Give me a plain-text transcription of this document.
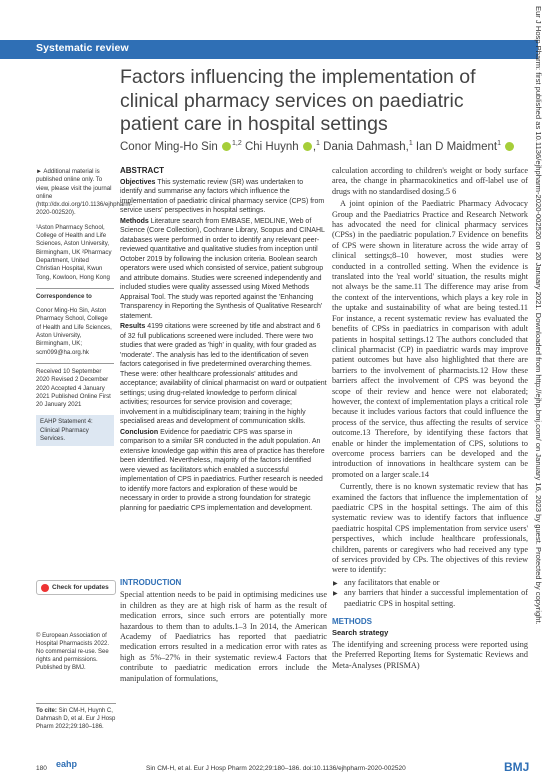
Systematic review	Eur J Hosp Pharm: first published as 10.1136/ejhpharm-2020-002520 on 20 January 2021. Downloaded from http://ejhp.bmj.com/ on January 16, 2023 by guest. Protected by copyright.
Factors influencing the implementation of clinical pharmacy services on paediatric patient care in hospital settings
Conor Ming-Ho Sin $^{1,2}$ Chi Huynh ,$^1$ Dania Dahmash,$^1$ Ian D Maidment$^1$

► Additional material is published online only. To view, please visit the journal online (http://dx.doi.org/10.1136/ejhpharm-2020-002520).

¹Aston Pharmacy School, College of Health and Life Sciences, Aston University, Birmingham, UK ²Pharmacy Department, United Christian Hospital, Kwun Tong, Kowloon, Hong Kong

Correspondence to

Conor Ming-Ho Sin, Aston Pharmacy School, College of Health and Life Sciences, Aston University, Birmingham, UK; scm099@ha.org.hk

Received 10 September 2020 Revised 2 December 2020 Accepted 4 January 2021 Published Online First 20 January 2021

EAHP Statement 4: Clinical Pharmacy Services.
ABSTRACT

Objectives This systematic review (SR) was undertaken to identify and summarise any factors which influence the implementation of paediatric clinical pharmacy service (CPS) from service users' perspectives in hospital settings.

Methods Literature search from EMBASE, MEDLINE, Web of Science (Core Collection), Cochrane Library, Scopus and CINAHL databases were performed in order to identify any relevant peer-reviewed quantitative and qualitative studies from inception until October 2019 by following the inclusion criteria. Boolean search operators were used which consisted of service, patient subgroup and attribute domains. Studies were screened independently and included studies were quality assessed using Mixed Methods Appraisal Tool. The study was reported against the 'Enhancing Transparency in Reporting the Synthesis of Qualitative Research' statement.

Results 4199 citations were screened by title and abstract and 6 of 32 full publications screened were included. There were two studies that were graded as 'high' in quality, with four graded as 'moderate'. The analysis has led to the identification of seven factors categorised in five predetermined overarching themes. These were: other healthcare professionals' attitudes and acceptance; availability of clinical pharmacist on ward or outpatient settings; using drug-related knowledge to perform clinical activities; resources for service provision and coverage; involvement in a multidisciplinary team; training in the highly specialised areas and development of communication skills.

Conclusion Evidence for paediatric CPS was sparse in comparison to a similar SR conducted in the adult population. An extensive knowledge gap within this area of practice has therefore been identified. Nevertheless, majority of the factors identified were viewed as facilitators which enabled a successful implementation of CPS in paediatrics. Further research is needed to identify more factors and exploration of these would be necessary in order to provide a strong foundation for strategic planning for paediatric CPS implementation and development.

calculation according to children's weight or body surface area, the change in pharmacokinetics and off-label use of drugs with no standardised dosing.5 6

A joint opinion of the Paediatric Pharmacy Advocacy Group and the Paediatrics Practice and Research Network has advocated the need for clinical pharmacy services (CPSs) in the paediatric population.7 Evidence on benefits of CPS were shown in literature across the wide array of clinical settings;8–10 however, most studies were conducted in a controlled setting. When the evidence is translated into the 'real world' situation, the results might not always be the same.11 The difference may arise from the context of the interventions, which plays a key role in the uptake and sustainability of what are being tested.11 For instance, a recent systematic review has evaluated the benefits of CPSs in paediatrics in comparison with adult patients in hospital settings.12 The authors concluded that clinical pharmacist (CP) in paediatric wards may improve patient outcomes but have also highlighted that there are barriers to the involvement of pharmacists.12 How these barriers affect the involvement of CPS was beyond the scope of their review and hence were not elaborated; however, the context of implementation plays a critical role because it includes various factors that could influence the process of the service, thus affecting the results of service outcome.13 Therefore, by identifying these factors that enable or hinder the implementation of CPS, solutions to overcome process barriers can be developed and the introduction of innovations in healthcare system can be promoted on a larger scale.14

Currently, there is no known systematic review that has examined the factors that influence the implementation of paediatric CPS in the hospital settings. The aim of this systematic review was to identify factors that influence paediatric hospital CPS implementation from service users' perspectives, which include healthcare professionals, children, parents or caregivers who had received any type of services provided by CPs. The objectives of this review were to identify:

▶ any facilitators that enable or
▶ any barriers that hinder a successful implementation of paediatric CPS in hospital setting.
METHODS
Search strategy

The identifying and screening process were reported using the Preferred Reporting Items for Systematic Reviews and Meta-Analyses (PRISMA)

Check for updates
INTRODUCTION

Special attention needs to be paid in optimising medicines use in children as they are at high risk of harm as the result of medication errors, since such errors are potentially more hazardous to them than to adults.1–3 In 2014, the American Academy of Paediatrics has reported that paediatric medication errors resulted in a medication error with rates as high as 5%–27% in their systematic review.4 Factors that contribute to paediatric medication errors include the manipulation of formulations,

© European Association of Hospital Pharmacists 2022. No commercial re-use. See rights and permissions. Published by BMJ.
To cite: Sin CM-H, Huynh C, Dahmash D, et al. Eur J Hosp Pharm 2022;29:180–186.
180 eahp	Sin CM-H, et al. Eur J Hosp Pharm 2022;29:180–186. doi:10.1136/ejhpharm-2020-002520	BMJ
